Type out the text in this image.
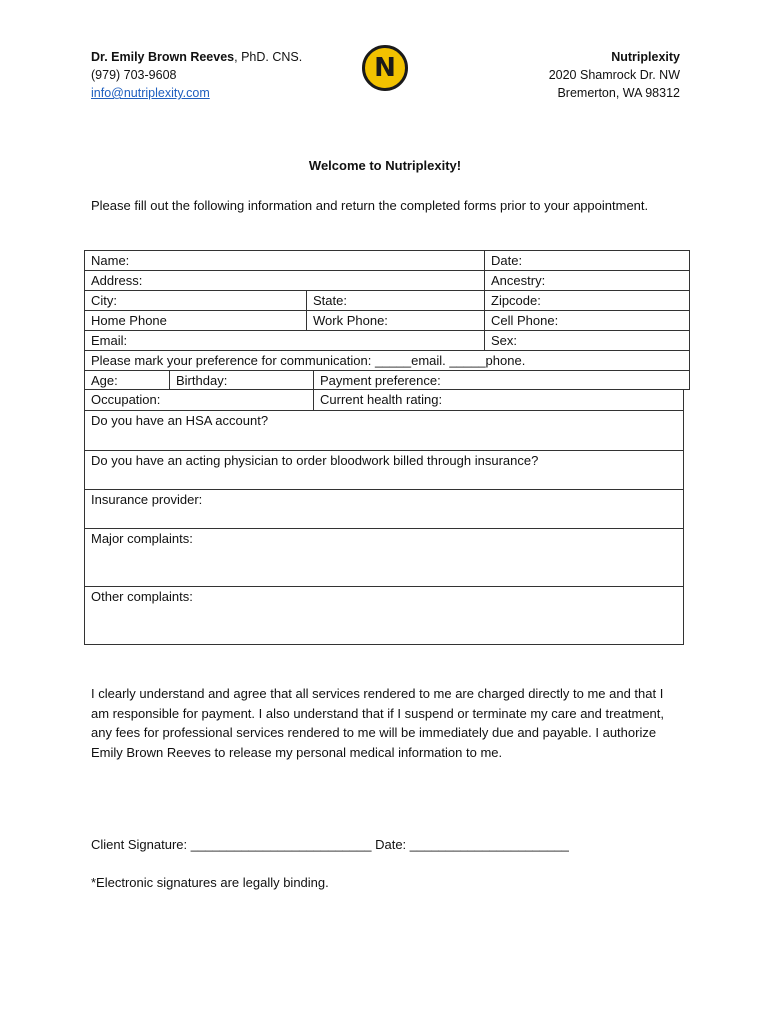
Dr. Emily Brown Reeves, PhD. CNS.
(979) 703-9608
info@nutriplexity.com
N	Nutriplexity
2020 Shamrock Dr. NW
Bremerton, WA 98312
Welcome to Nutriplexity!
Please fill out the following information and return the completed forms prior to your appointment.
Name:	Date:
Address:	Ancestry:
City:	State:	Zipcode:
Home Phone	Work Phone:	Cell Phone:
Email:	Sex:
Please mark your preference for communication: _____email. _____phone.
Age:	Birthday:	Payment preference:
Occupation:	Current health rating:
Do you have an HSA account?
Do you have an acting physician to order bloodwork billed through insurance?
Insurance provider:
Major complaints:
Other complaints:
I clearly understand and agree that all services rendered to me are charged directly to me and that I am responsible for payment. I also understand that if I suspend or terminate my care and treatment, any fees for professional services rendered to me will be immediately due and payable. I authorize Emily Brown Reeves to release my personal medical information to me.
Client Signature: _________________________ Date: ______________________
*Electronic signatures are legally binding.
